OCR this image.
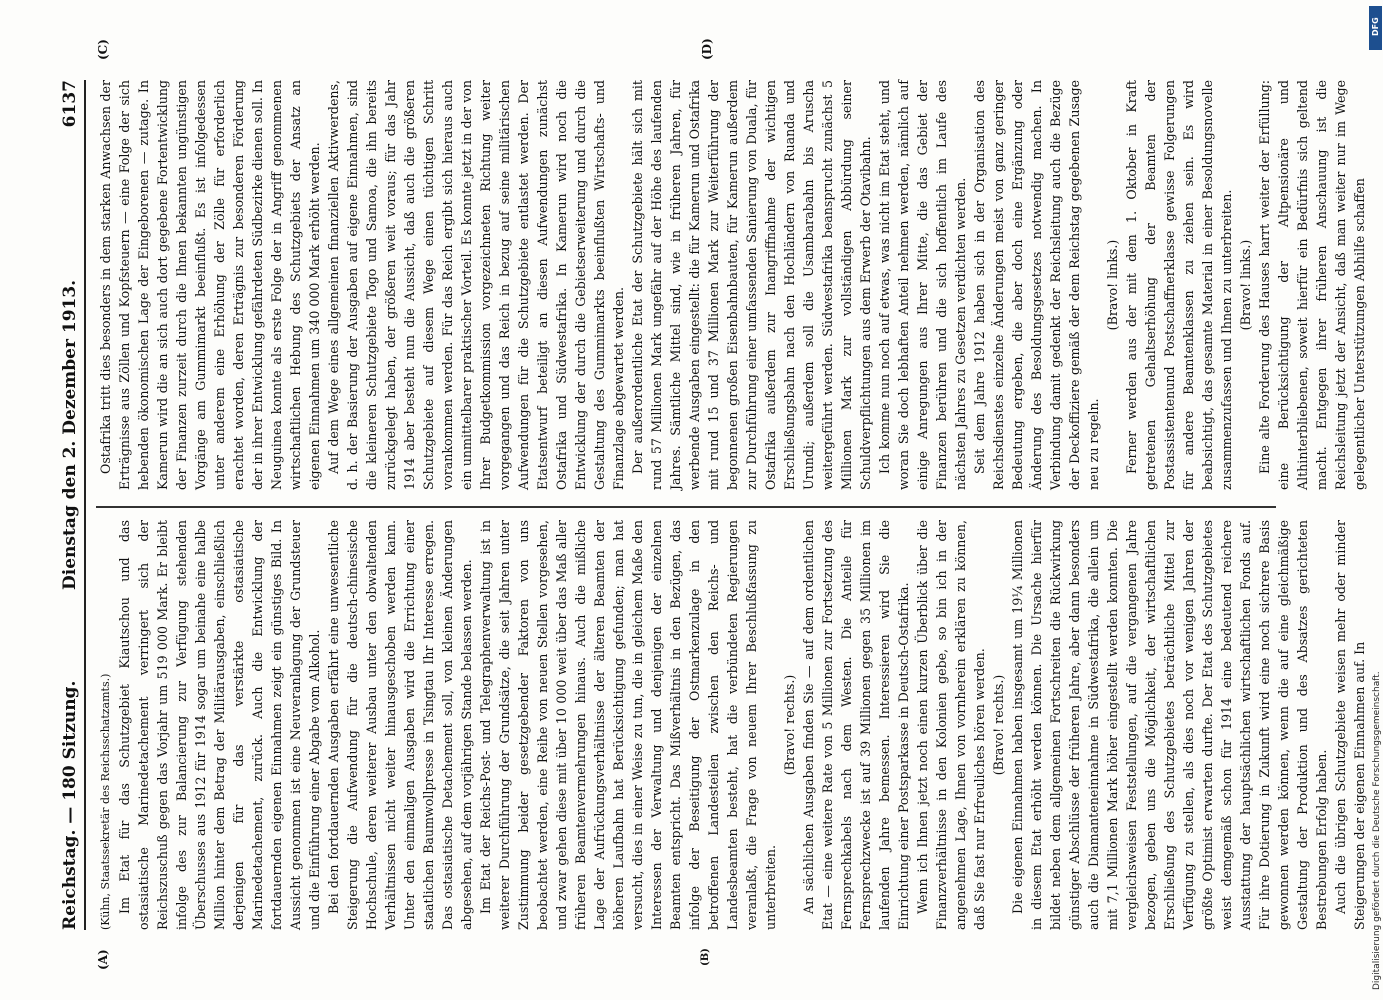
Reichstag. — 180 Sitzung.
Dienstag den 2. Dezember 1913.
6137
(A)	(B)
(C)	(D)

(Kühn, Staatssekretär des Reichsschatzamts.) Im Etat für das Schutzgebiet Kiautschou und das ostasiatische Marinedetachement verringert sich der Reichszuschuß gegen das Vorjahr um 519 000 Mark. Er bleibt infolge des zur Balancierung zur Verfügung stehenden Überschusses aus 1912 für 1914 sogar um beinahe eine halbe Million hinter dem Betrag der Militärausgaben, einschließlich derjenigen für das verstärkte ostasiatische Marinedetachement, zurück. Auch die Entwicklung der fortdauernden eigenen Einnahmen zeigt ein günstiges Bild. In Aussicht genommen ist eine Neuveranlagung der Grundsteuer und die Einführung einer Abgabe vom Alkohol. Bei den fortdauernden Ausgaben erfährt eine unwesentliche Steigerung die Aufwendung für die deutsch-chinesische Hochschule, deren weiterer Ausbau unter den obwaltenden Verhältnissen nicht weiter hinausgeschoben werden kann. Unter den einmaligen Ausgaben wird die Errichtung einer staatlichen Baumwollpresse in Tsingtau Ihr Interesse erregen. Das ostasiatische Detachement soll, von kleinen Änderungen abgesehen, auf dem vorjährigen Stande belassen werden. Im Etat der Reichs-Post- und Telegraphenverwaltung ist in weiterer Durchführung der Grundsätze, die seit Jahren unter Zustimmung beider gesetzgebender Faktoren von uns beobachtet werden, eine Reihe von neuen Stellen vorgesehen, und zwar gehen diese mit über 10 000 weit über das Maß aller früheren Beamtenvermehrungen hinaus. Auch die mißliche Lage der Aufrückungsverhältnisse der älteren Beamten der höheren Laufbahn hat Berücksichtigung gefunden; man hat versucht, dies in einer Weise zu tun, die in gleichem Maße den Interessen der Verwaltung und denjenigen der einzelnen Beamten entspricht. Das Mißverhältnis in den Bezügen, das infolge der Beseitigung der Ostmarkenzulage in den betroffenen Landesteilen zwischen den Reichs- und Landesbeamten besteht, hat die verbündeten Regierungen veranlaßt, die Frage von neuem Ihrer Beschlußfassung zu unterbreiten.

(Bravo! rechts.) An sächlichen Ausgaben finden Sie — auf dem ordentlichen Etat — eine weitere Rate von 5 Millionen zur Fortsetzung des Fernsprechkabels nach dem Westen. Die Anteile für Fernsprechzwecke ist auf 39 Millionen gegen 35 Millionen im laufenden Jahre bemessen. Interessieren wird Sie die Einrichtung einer Postsparkasse in Deutsch-Ostafrika. Wenn ich Ihnen jetzt noch einen kurzen Überblick über die Finanzverhältnisse in den Kolonien gebe, so bin ich in der angenehmen Lage, Ihnen von vornherein erklären zu können, daß Sie fast nur Erfreuliches hören werden. (Bravo! rechts.) Die eigenen Einnahmen haben insgesamt um 19¼ Millionen in diesem Etat erhöht werden können. Die Ursache hierfür bildet neben dem allgemeinen Fortschreiten die Rückwirkung günstiger Abschlüsse der früheren Jahre, aber dann besonders auch die Diamanteneinnahme in Südwestafrika, die allein um mit 7,1 Millionen Mark höher eingestellt werden konnten. Die vergleichsweisen Feststellungen, auf die vergangenen Jahre bezogen, geben uns die Möglichkeit, der wirtschaftlichen Erschließung des Schutzgebietes beträchtliche Mittel zur Verfügung zu stellen, als dies noch vor wenigen Jahren der größte Optimist erwarten durfte. Der Etat des Schutzgebietes weist demgemäß schon für 1914 eine bedeutend reichere Ausstattung der hauptsächlichen wirtschaftlichen Fonds auf. Für ihre Dotierung in Zukunft wird eine noch sichrere Basis gewonnen werden können, wenn die auf eine gleichmäßige Gestaltung der Produktion und des Absatzes gerichteten Bestrebungen Erfolg haben. Auch die übrigen Schutzgebiete weisen mehr oder minder Steigerungen der eigenen Einnahmen auf. In

Ostafrika tritt dies besonders in dem starken Anwachsen der Erträgnisse aus Zöllen und Kopfsteuern — eine Folge der sich hebenden ökonomischen Lage der Eingeborenen — zutage. In Kamerun wird die an sich auch dort gegebene Fortentwicklung der Finanzen zurzeit durch die Ihnen bekannten ungünstigen Vorgänge am Gummimarkt beeinflußt. Es ist infolgedessen unter anderem eine Erhöhung der Zölle für erforderlich erachtet worden, deren Erträgnis zur besonderen Förderung der in ihrer Entwicklung gefährdeten Südbezirke dienen soll. In Neuguinea konnte als erste Folge der in Angriff genommenen wirtschaftlichen Hebung des Schutzgebiets der Ansatz an eigenen Einnahmen um 340 000 Mark erhöht werden. Auf dem Wege eines allgemeinen finanziellen Aktivwerdens, d. h. der Basierung der Ausgaben auf eigene Einnahmen, sind die kleineren Schutzgebiete Togo und Samoa, die ihn bereits zurückgelegt haben, der größeren weit voraus; für das Jahr 1914 aber besteht nun die Aussicht, daß auch die größeren Schutzgebiete auf diesem Wege einen tüchtigen Schritt vorankommen werden. Für das Reich ergibt sich hieraus auch ein unmittelbarer praktischer Vorteil. Es konnte jetzt in der von Ihrer Budgetkommission vorgezeichneten Richtung weiter vorgegangen und das Reich in bezug auf seine militärischen Aufwendungen für die Schutzgebiete entlastet werden. Der Etatsentwurf beteiligt an diesen Aufwendungen zunächst Ostafrika und Südwestafrika. In Kamerun wird noch die Entwicklung der durch die Gebietserweiterung und durch die Gestaltung des Gummimarkts beeinflußten Wirtschafts- und Finanzlage abgewartet werden. Der außerordentliche Etat der Schutzgebiete hält sich mit rund 57 Millionen Mark ungefähr auf der Höhe des laufenden Jahres. Sämtliche Mittel sind, wie in früheren Jahren, für werbende Ausgaben eingestellt: die für Kamerun und Ostafrika mit rund 15 und 37 Millionen Mark zur Weiterführung der begonnenen großen Eisenbahnbauten, für Kamerun außerdem zur Durchführung einer umfassenden Sanierung von Duala, für Ostafrika außerdem zur Inangriffnahme der wichtigen Erschließungsbahn nach den Hochländern von Ruanda und Urundi; außerdem soll die Usambarabahn bis Aruscha weitergeführt werden. Südwestafrika beansprucht zunächst 5 Millionen Mark zur vollständigen Abbürdung seiner Schuldverpflichtungen aus dem Erwerb der Otavibahn. Ich komme nun noch auf etwas, was nicht im Etat steht, und woran Sie doch lebhaften Anteil nehmen werden, nämlich auf einige Anregungen aus Ihrer Mitte, die das Gebiet der Finanzen berühren und die sich hoffentlich im Laufe des nächsten Jahres zu Gesetzen verdichten werden. Seit dem Jahre 1912 haben sich in der Organisation des Reichsdienstes einzelne Änderungen meist von ganz geringer Bedeutung ergeben, die aber doch eine Ergänzung oder Änderung des Besoldungsgesetzes notwendig machen. In Verbindung damit gedenkt der Reichsleitung auch die Bezüge der Deckoffiziere gemäß der dem Reichstag gegebenen Zusage neu zu regeln.

(Bravo! links.) Ferner werden aus der mit dem 1. Oktober in Kraft getretenen Gehaltserhöhung der Beamten der Postassistentenund Postschaffnerklasse gewisse Folgerungen für andere Beamtenklassen zu ziehen sein. Es wird beabsichtigt, das gesamte Material in einer Besoldungsnovelle zusammenzufassen und Ihnen zu unterbreiten. (Bravo! links.) Eine alte Forderung des Hauses harrt weiter der Erfüllung: eine Berücksichtigung der Altpensionäre und Althinterbliebenen, soweit hierfür ein Bedürfnis sich geltend macht. Entgegen ihrer früheren Anschauung ist die Reichsleitung jetzt der Ansicht, daß man weiter nur im Wege gelegentlicher Unterstützungen Abhilfe schaffen

DFG
Digitalisierung gefördert durch die Deutsche Forschungsgemeinschaft.
